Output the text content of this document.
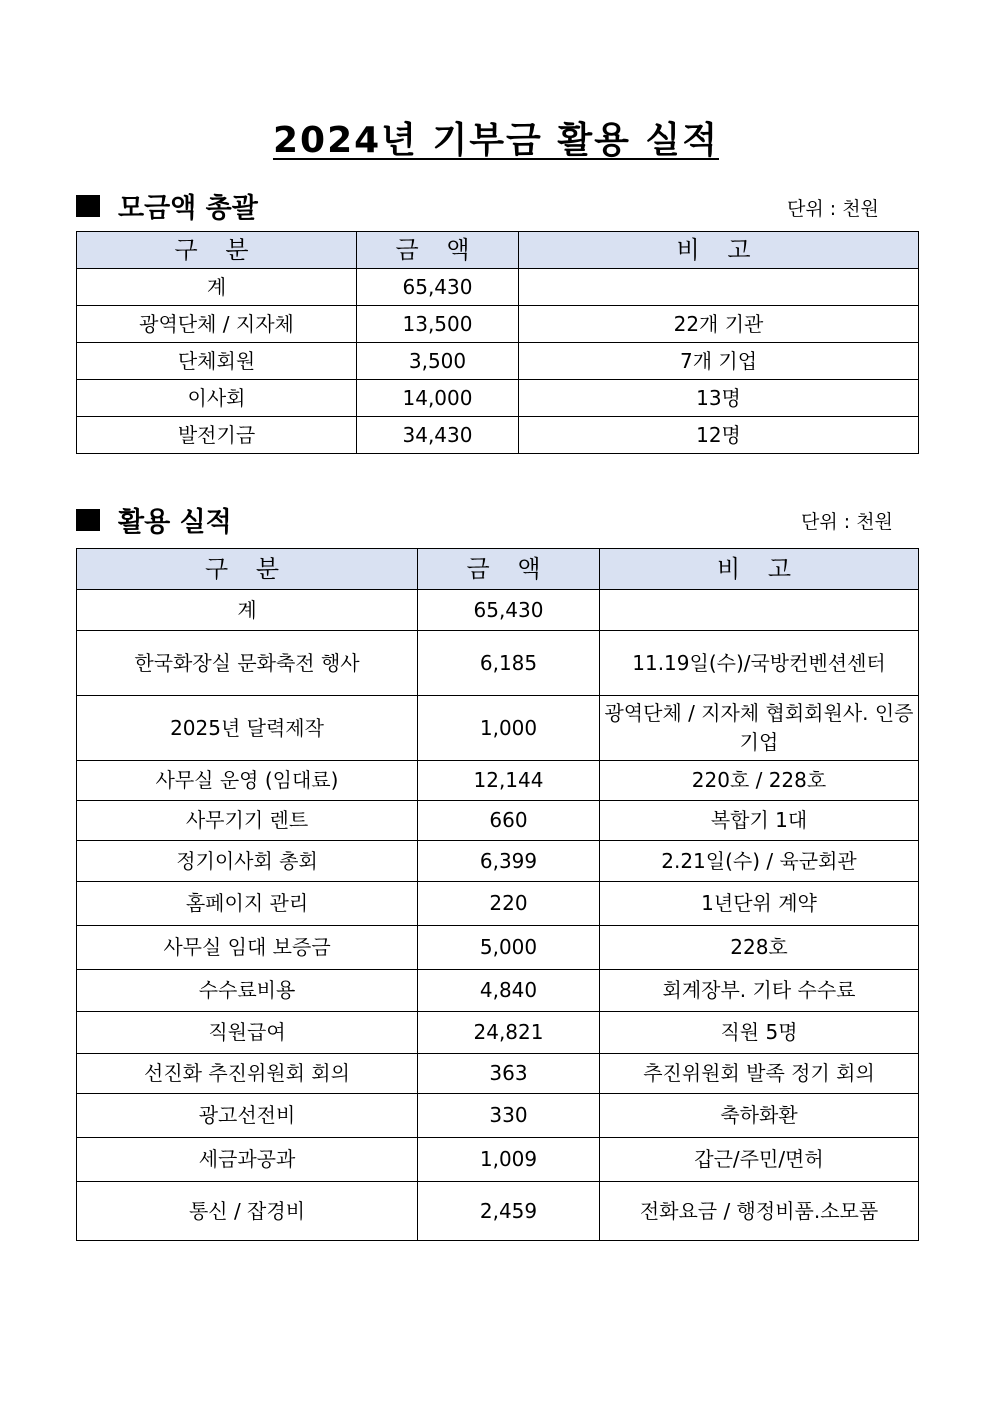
2024년 기부금 활용 실적
모금액 총괄	단위 : 천원
구 분	금 액	비 고
계	65,430	
광역단체 / 지자체	13,500	22개 기관
단체회원	3,500	7개 기업
이사회	14,000	13명
발전기금	34,430	12명
활용 실적	단위 : 천원
구 분	금 액	비 고
계	65,430	
한국화장실 문화축전 행사	6,185	11.19일(수)/국방컨벤션센터
2025년 달력제작	1,000	광역단체 / 지자체 협회회원사. 인증기업
사무실 운영 (임대료)	12,144	220호 / 228호
사무기기 렌트	660	복합기 1대
정기이사회 총회	6,399	2.21일(수) / 육군회관
홈페이지 관리	220	1년단위 계약
사무실 임대 보증금	5,000	228호
수수료비용	4,840	회계장부. 기타 수수료
직원급여	24,821	직원 5명
선진화 추진위원회 회의	363	추진위원회 발족 정기 회의
광고선전비	330	축하화환
세금과공과	1,009	갑근/주민/면허
통신 / 잡경비	2,459	전화요금 / 행정비품.소모품
